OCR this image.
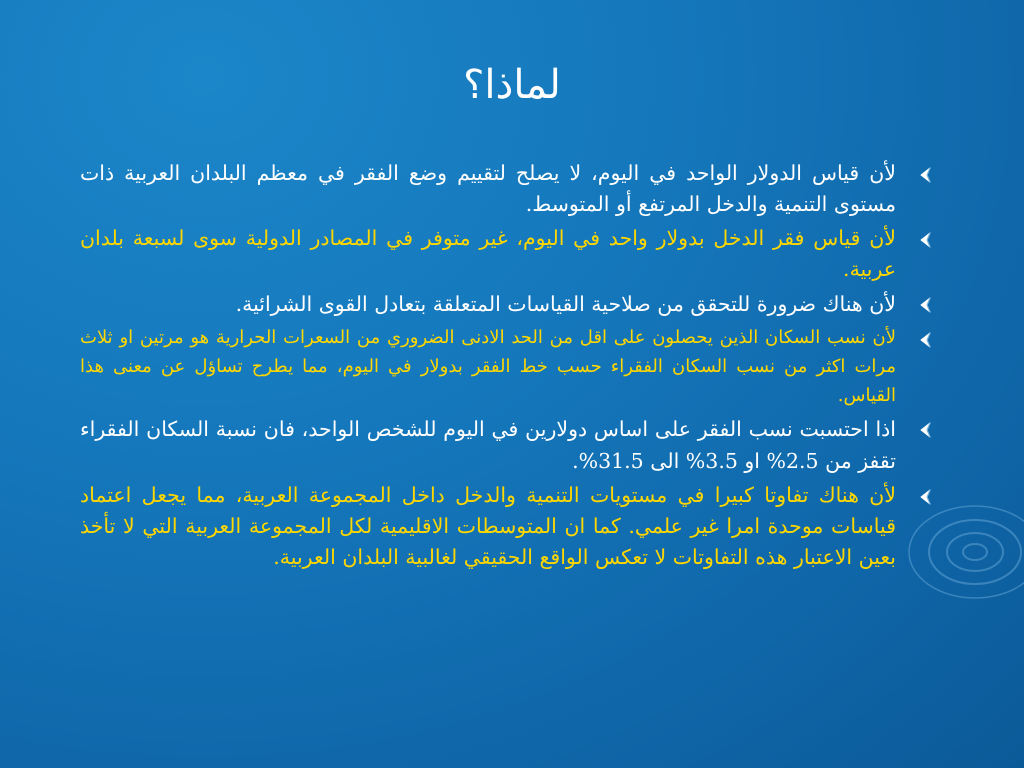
لماذا؟
لأن قياس الدولار الواحد في اليوم، لا يصلح لتقييم وضع الفقر في معظم البلدان العربية ذات مستوى التنمية والدخل المرتفع أو المتوسط.
لأن قياس فقر الدخل بدولار واحد في اليوم، غير متوفر في المصادر الدولية سوى لسبعة بلدان عربية.
لأن هناك ضرورة للتحقق من صلاحية القياسات المتعلقة بتعادل القوى الشرائية.
لأن نسب السكان الذين يحصلون على اقل من الحد الادنى الضروري من السعرات الحرارية هو مرتين او ثلاث مرات اكثر من نسب السكان الفقراء حسب خط الفقر بدولار في اليوم، مما يطرح تساؤل عن معنى هذا القياس.
اذا احتسبت نسب الفقر على اساس دولارين في اليوم للشخص الواحد، فان نسبة السكان الفقراء تقفز من 2.5% او 3.5% الى 31.5%.
لأن هناك تفاوتا كبيرا في مستويات التنمية والدخل داخل المجموعة العربية، مما يجعل اعتماد قياسات موحدة امرا غير علمي. كما ان المتوسطات الاقليمية لكل المجموعة العربية التي لا تأخذ بعين الاعتبار هذه التفاوتات لا تعكس الواقع الحقيقي لغالبية البلدان العربية.
